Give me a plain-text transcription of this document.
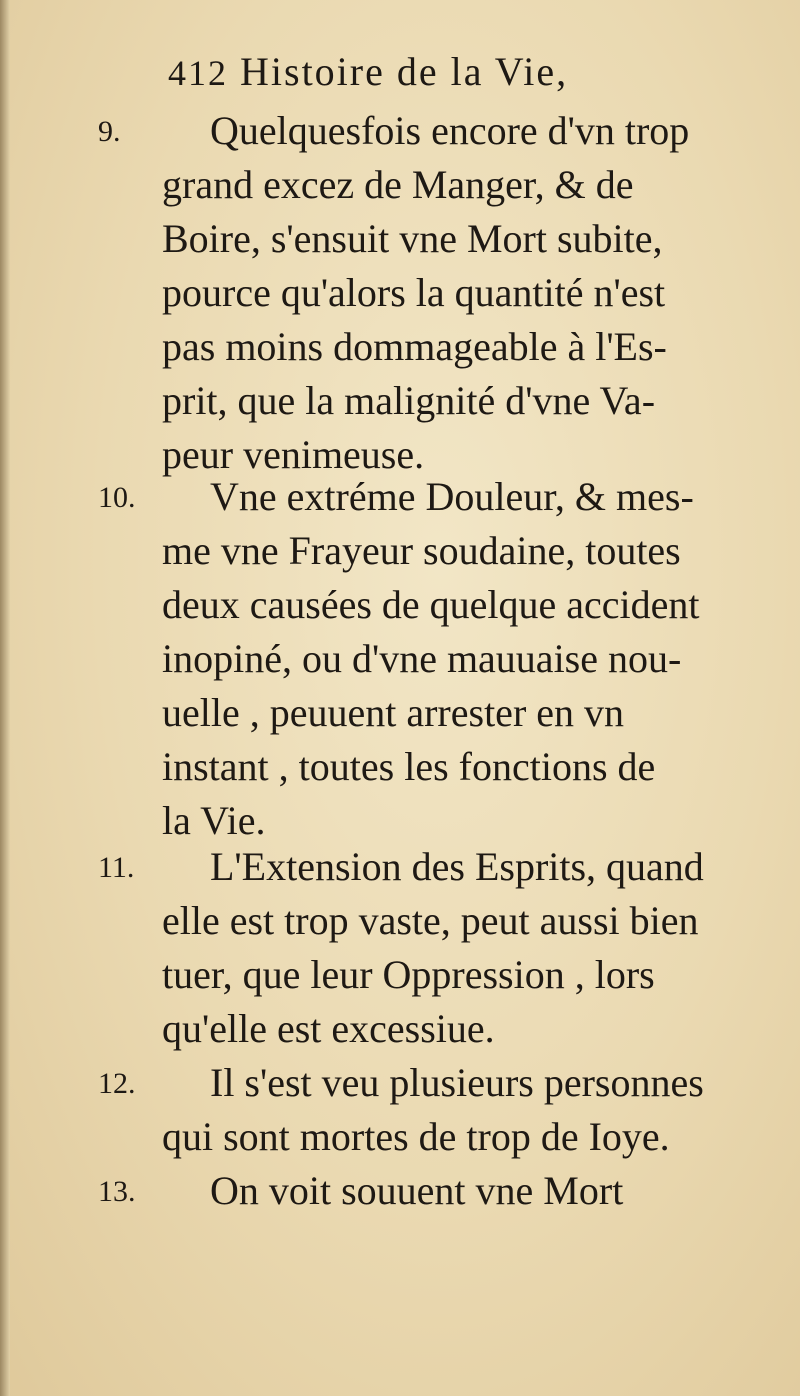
412 Histoire de la Vie,
9.	Quelquesfois encore d'vn trop
grand excez de Manger, & de
Boire, s'ensuit vne Mort subite,
pource qu'alors la quantité n'est
pas moins dommageable à l'Es-
prit, que la malignité d'vne Va-
peur venimeuse.
10.	Vne extréme Douleur, & mes-
me vne Frayeur soudaine, toutes
deux causées de quelque accident
inopiné, ou d'vne mauuaise nou-
uelle , peuuent arrester en vn
instant , toutes les fonctions de
la Vie.
11.	L'Extension des Esprits, quand
elle est trop vaste, peut aussi bien
tuer, que leur Oppression , lors
qu'elle est excessiue.
12.	Il s'est veu plusieurs personnes
qui sont mortes de trop de Ioye.
13.	On voit souuent vne Mort
